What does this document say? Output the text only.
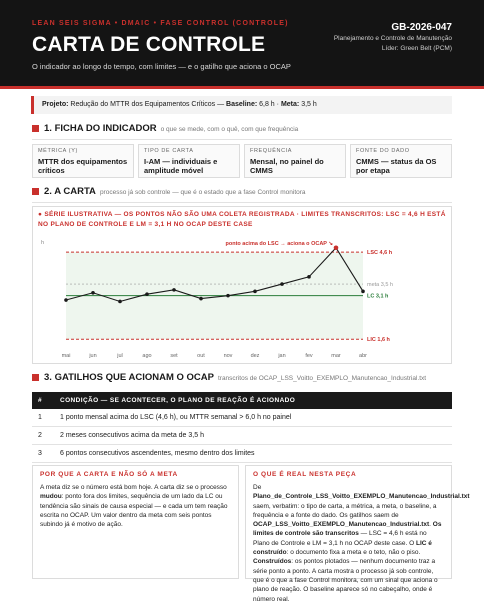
LEAN SEIS SIGMA • DMAIC • FASE CONTROL (CONTROLE)
CARTA DE CONTROLE
O indicador ao longo do tempo, com limites — e o gatilho que aciona o OCAP
GB-2026-047
Planejamento e Controle de Manutenção
Líder: Green Belt (PCM)
Projeto: Redução do MTTR dos Equipamentos Críticos — Baseline: 6,8 h · Meta: 3,5 h
1. FICHA DO INDICADOR o que se mede, com o quê, com que frequência
MÉTRICA (Y)
MTTR dos equipamentos críticos
TIPO DE CARTA
I-AM — individuais e amplitude móvel
FREQUÊNCIA
Mensal, no painel do CMMS
FONTE DO DADO
CMMS — status da OS por etapa
2. A CARTA processo já sob controle — que é o estado que a fase Control monitora
● SÉRIE ILUSTRATIVA — OS PONTOS NÃO SÃO UMA COLETA REGISTRADA · LIMITES TRANSCRITOS: LSC = 4,6 H ESTÁ NO PLANO DE CONTROLE E LM = 3,1 H NO OCAP DESTE CASE
h
LSC 4,6 h
meta 3,5 h
LC 3,1 h
LIC 1,6 h
mai	jun	jul	ago	set	out	nov	dez	jan	fev	mar	abr
ponto acima do LSC → aciona o OCAP ↘
3. GATILHOS QUE ACIONAM O OCAP transcritos de OCAP_LSS_Voitto_EXEMPLO_Manutencao_Industrial.txt
#	CONDIÇÃO — SE ACONTECER, O PLANO DE REAÇÃO É ACIONADO
1	1 ponto mensal acima do LSC (4,6 h), ou MTTR semanal > 6,0 h no painel
2	2 meses consecutivos acima da meta de 3,5 h
3	6 pontos consecutivos ascendentes, mesmo dentro dos limites
POR QUE A CARTA E NÃO SÓ A META
A meta diz se o número está bom hoje. A carta diz se o processo mudou: ponto fora dos limites, sequência de um lado da LC ou tendência são sinais de causa especial — e cada um tem reação escrita no OCAP. Um valor dentro da meta com seis pontos subindo já é motivo de ação.
O QUE É REAL NESTA PEÇA
De
Plano_de_Controle_LSS_Voitto_EXEMPLO_Manutencao_Industrial.txt saem, verbatim: o tipo de carta, a métrica, a meta, o baseline, a frequência e a fonte do dado. Os gatilhos saem de OCAP_LSS_Voitto_EXEMPLO_Manutencao_Industrial.txt. Os limites de controle são transcritos — LSC = 4,6 h está no Plano de Controle e LM = 3,1 h no OCAP deste case. O LIC é construído: o documento fixa a meta e o teto, não o piso. Construídos: os pontos plotados — nenhum documento traz a série ponto a ponto. A carta mostra o processo já sob controle, que é o que a fase Control monitora, com um sinal que aciona o plano de reação. O baseline aparece só no cabeçalho, onde é número real.
